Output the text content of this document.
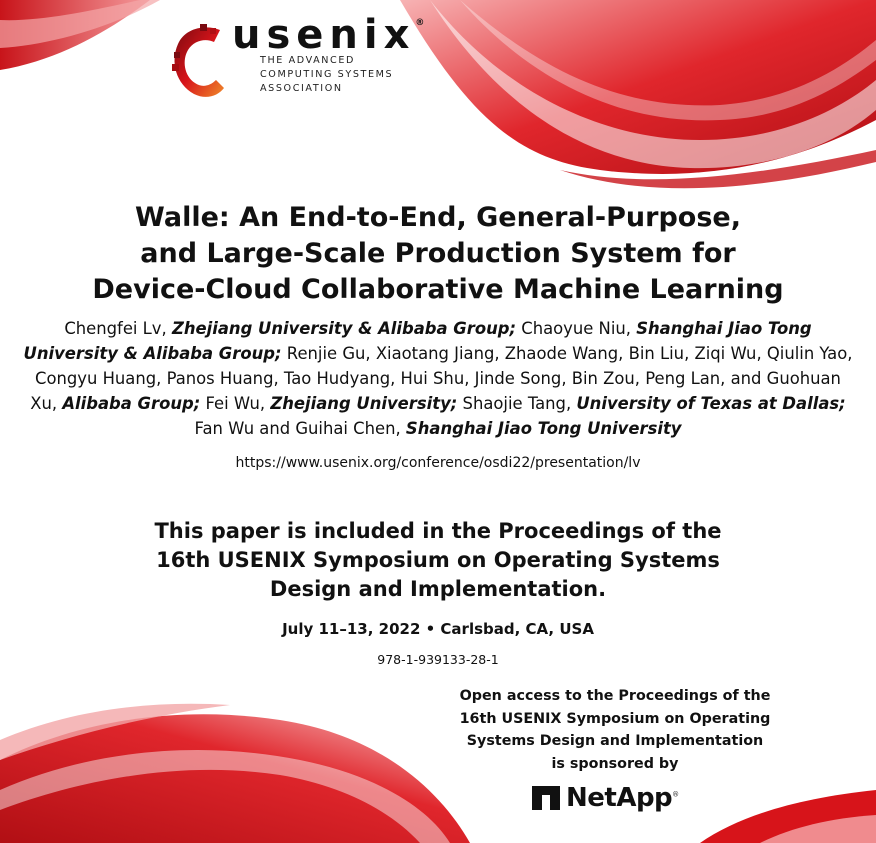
usenix®
THE ADVANCED
COMPUTING SYSTEMS
ASSOCIATION
Walle: An End-to-End, General-Purpose,
and Large-Scale Production System for
Device-Cloud Collaborative Machine Learning
Chengfei Lv, Zhejiang University & Alibaba Group; Chaoyue Niu, Shanghai Jiao Tong University & Alibaba Group; Renjie Gu, Xiaotang Jiang, Zhaode Wang, Bin Liu, Ziqi Wu, Qiulin Yao, Congyu Huang, Panos Huang, Tao Hudyang, Hui Shu, Jinde Song, Bin Zou, Peng Lan, and Guohuan Xu, Alibaba Group; Fei Wu, Zhejiang University; Shaojie Tang, University of Texas at Dallas; Fan Wu and Guihai Chen, Shanghai Jiao Tong University
https://www.usenix.org/conference/osdi22/presentation/lv
This paper is included in the Proceedings of the
16th USENIX Symposium on Operating Systems
Design and Implementation.
July 11–13, 2022 • Carlsbad, CA, USA
978-1-939133-28-1
Open access to the Proceedings of the
16th USENIX Symposium on Operating
Systems Design and Implementation
is sponsored by
NetApp®
